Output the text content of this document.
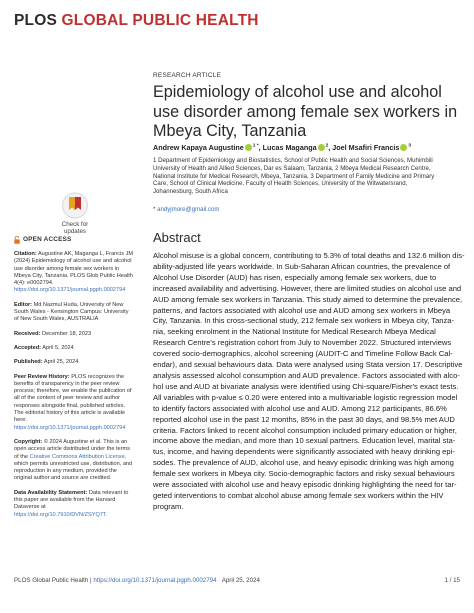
PLOS GLOBAL PUBLIC HEALTH
RESEARCH ARTICLE
Epidemiology of alcohol use and alcohol use disorder among female sex workers in Mbeya City, Tanzania
Andrew Kapaya Augustine $^{1 *}$, Lucas Maganga $^2$, Joel Msafiri Francis $^3$
1 Department of Epidemiology and Biostatistics, School of Public Health and Social Sciences, Muhimbili
University of Health and Allied Sciences, Dar es Salaam, Tanzania, 2 Mbeya Medical Research Centre,
National Institute for Medical Research, Mbeya, Tanzania, 3 Department of Family Medicine and Primary
Care, School of Clinical Medicine, Faculty of Health Sciences, University of the Witwatersrand,
Johannesburg, South Africa
* andyjmore@gmail.com
Check for
updates
OPEN ACCESS
Citation: Augustine AK, Maganga L, Francis JM (2024) Epidemiology of alcohol use and alcohol use disorder among female sex workers in Mbeya City, Tanzania. PLOS Glob Public Health 4(4): e0002794. https://doi.org/10.1371/journal.pgph.0002794
Editor: Md Nazmul Huda, University of New South Wales - Kensington Campus: University of New South Wales, AUSTRALIA
Received: December 18, 2023
Accepted: April 5, 2024
Published: April 25, 2024
Peer Review History: PLOS recognizes the benefits of transparency in the peer review process; therefore, we enable the publication of all of the content of peer review and author responses alongside final, published articles. The editorial history of this article is available here: https://doi.org/10.1371/journal.pgph.0002794
Copyright: © 2024 Augustine et al. This is an open access article distributed under the terms of the Creative Commons Attribution License, which permits unrestricted use, distribution, and reproduction in any medium, provided the original author and source are credited.
Data Availability Statement: Data relevant to this paper are available from the Harvard Dataverse at https://doi.org/10.7910/DVN/ZSYQ7T.
Abstract
Alcohol misuse is a global concern, contributing to 5.3% of total deaths and 132.6 million dis-
ability-adjusted life years worldwide. In Sub-Saharan African countries, the prevalence of
Alcohol Use Disorder (AUD) has risen, especially among female sex workers, due to
increased availability and advertising. However, there are limited studies on alcohol use and
AUD among female sex workers in Tanzania. This study aimed to determine the prevalence,
patterns, and factors associated with alcohol use and AUD among sex workers in Mbeya
City, Tanzania. In this cross-sectional study, 212 female sex workers in Mbeya city, Tanza-
nia, seeking enrolment in the National Institute for Medical Research Mbeya Medical
Research Centre's registration cohort from July to November 2022. Structured interviews
covered socio-demographics, alcohol screening (AUDIT-C and Timeline Follow Back Cal-
endar), and sexual behaviours data. Data were analysed using Stata version 17. Descriptive
analysis assessed alcohol consumption and AUD prevalence. Factors associated with alco-
hol use and AUD at bivariate analysis were identified using Chi-square/Fisher's exact tests.
All variables with p-value ≤ 0.20 were entered into a multivariable logistic regression model
to identify factors associated with alcohol use and AUD. Among 212 participants, 86.6%
reported alcohol use in the past 12 months, 85% in the past 30 days, and 98.5% met AUD
criteria. Factors linked to recent alcohol consumption included primary education or higher,
income above the median, and more than 10 sexual partners. Education level, marital sta-
tus, income, and having dependents were significantly associated with heavy drinking epi-
sodes. The prevalence of AUD, alcohol use, and heavy episodic drinking was high among
female sex workers in Mbeya city. Socio-demographic factors and risky sexual behaviours
were associated with alcohol use and heavy episodic drinking highlighting the need for tar-
geted interventions to combat alcohol abuse among female sex workers within the HIV
program.
PLOS Global Public Health | https://doi.org/10.1371/journal.pgph.0002794 April 25, 2024	1 / 15
